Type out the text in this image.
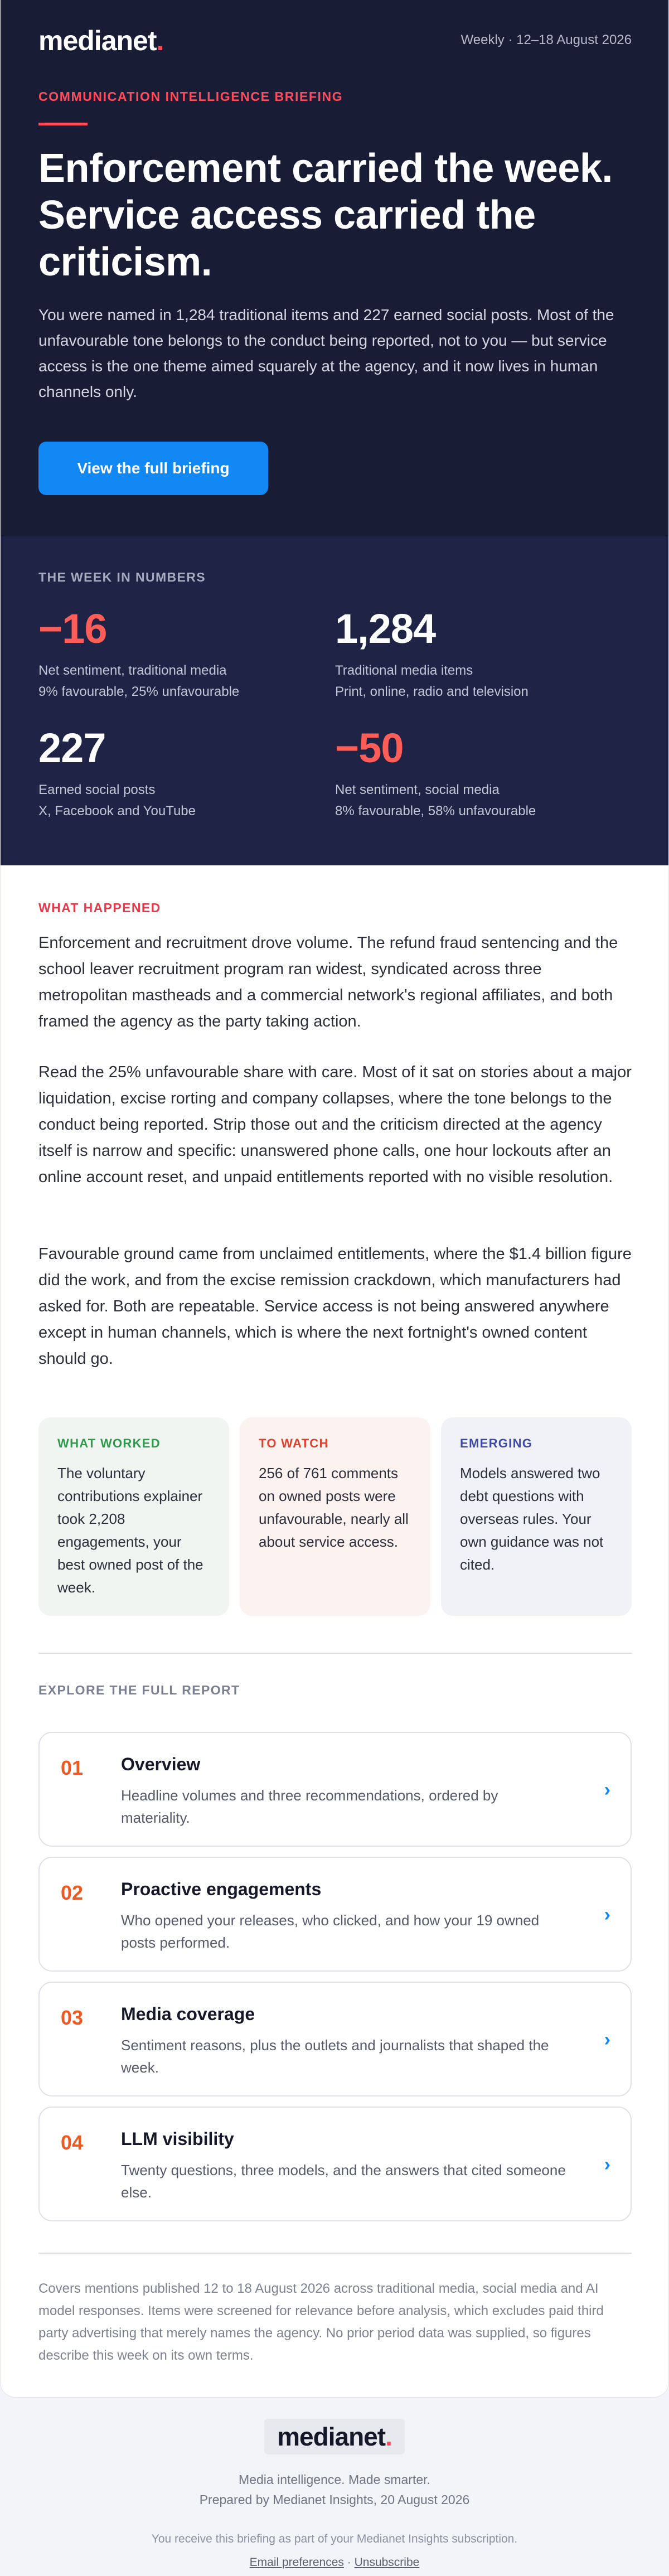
medianet.	Weekly · 12–18 August 2026
COMMUNICATION INTELLIGENCE BRIEFING
Enforcement carried the week. Service access carried the criticism.
You were named in 1,284 traditional items and 227 earned social posts. Most of the unfavourable tone belongs to the conduct being reported, not to you — but service access is the one theme aimed squarely at the agency, and it now lives in human channels only.
View the full briefing
THE WEEK IN NUMBERS
−16
Net sentiment, traditional media
9% favourable, 25% unfavourable
1,284
Traditional media items
Print, online, radio and television
227
Earned social posts
X, Facebook and YouTube
−50
Net sentiment, social media
8% favourable, 58% unfavourable
WHAT HAPPENED

Enforcement and recruitment drove volume. The refund fraud sentencing and the school leaver recruitment program ran widest, syndicated across three metropolitan mastheads and a commercial network's regional affiliates, and both framed the agency as the party taking action.

Read the 25% unfavourable share with care. Most of it sat on stories about a major liquidation, excise rorting and company collapses, where the tone belongs to the conduct being reported. Strip those out and the criticism directed at the agency itself is narrow and specific: unanswered phone calls, one hour lockouts after an online account reset, and unpaid entitlements reported with no visible resolution.

Favourable ground came from unclaimed entitlements, where the $1.4 billion figure did the work, and from the excise remission crackdown, which manufacturers had asked for. Both are repeatable. Service access is not being answered anywhere except in human channels, which is where the next fortnight's owned content should go.

WHAT WORKED
The voluntary contributions explainer took 2,208 engagements, your best owned post of the week.
TO WATCH
256 of 761 comments on owned posts were unfavourable, nearly all about service access.
EMERGING
Models answered two debt questions with overseas rules. Your own guidance was not cited.
EXPLORE THE FULL REPORT
01 Overview
Headline volumes and three recommendations, ordered by materiality.
›
02 Proactive engagements
Who opened your releases, who clicked, and how your 19 owned posts performed.
›
03 Media coverage
Sentiment reasons, plus the outlets and journalists that shaped the week.
›
04 LLM visibility
Twenty questions, three models, and the answers that cited someone else.
›
Covers mentions published 12 to 18 August 2026 across traditional media, social media and AI model responses. Items were screened for relevance before analysis, which excludes paid third party advertising that merely names the agency. No prior period data was supplied, so figures describe this week on its own terms.
medianet .
Media intelligence. Made smarter.
Prepared by Medianet Insights, 20 August 2026
You receive this briefing as part of your Medianet Insights subscription.
Email preferences · Unsubscribe
